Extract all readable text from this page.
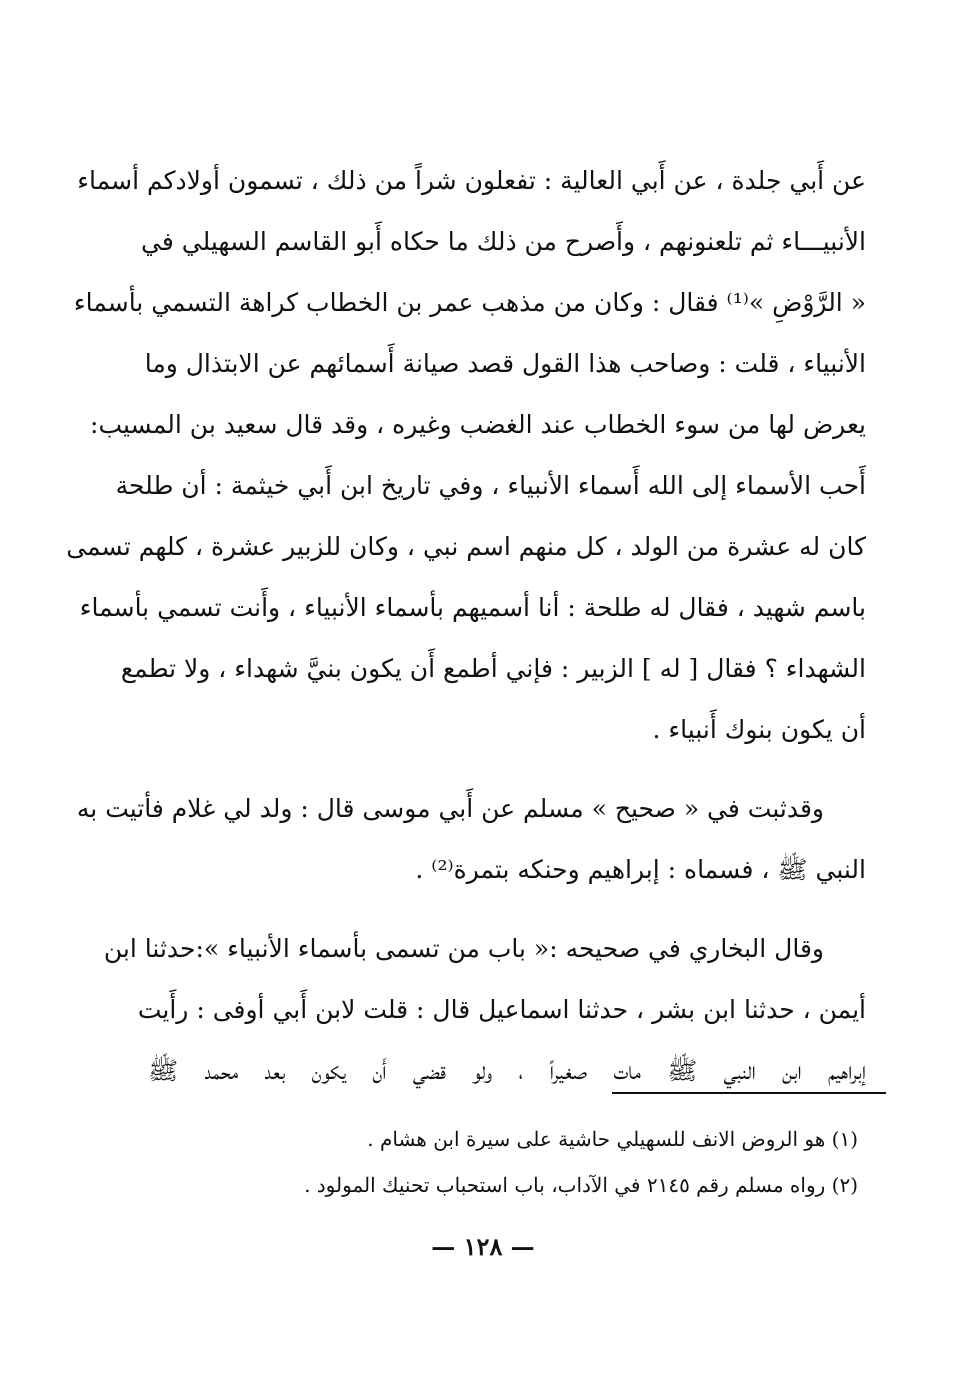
عن أَبي جلدة ، عن أَبي العالية : تفعلون شراً من ذلك ، تسمون أولادكم أسماء
الأنبيـــاء ثم تلعنونهم ، وأَصرح من ذلك ما حكاه أَبو القاسم السهيلي في
« الرَّوْضِ »⁽¹⁾ فقال : وكان من مذهب عمر بن الخطاب كراهة التسمي بأسماء
الأنبياء ، قلت : وصاحب هذا القول قصد صيانة أَسمائهم عن الابتذال وما
يعرض لها من سوء الخطاب عند الغضب وغيره ، وقد قال سعيد بن المسيب:
أَحب الأسماء إلى الله أَسماء الأنبياء ، وفي تاريخ ابن أَبي خيثمة : أن طلحة
كان له عشرة من الولد ، كل منهم اسم نبي ، وكان للزبير عشرة ، كلهم تسمى
باسم شهيد ، فقال له طلحة : أنا أسميهم بأسماء الأنبياء ، وأَنت تسمي بأسماء
الشهداء ؟ فقال [ له ] الزبير : فإني أطمع أَن يكون بنيَّ شهداء ، ولا تطمع
أن يكون بنوك أَنبياء .
وقدثبت في « صحيح » مسلم عن أَبي موسى قال : ولد لي غلام فأتيت به
النبي ﷺ ، فسماه : إبراهيم وحنكه بتمرة⁽²⁾ .
وقال البخاري في صحيحه :« باب من تسمى بأسماء الأنبياء »:حدثنا ابن
أيمن ، حدثنا ابن بشر ، حدثنا اسماعيل قال : قلت لابن أَبي أوفى : رأَيت
إبراهيم ابن النبي ﷺ مات صغيراً ، ولو قضي أَن يكون بعد محمد ﷺ
(١) هو الروض الانف للسهيلي حاشية على سيرة ابن هشام .
(٢) رواه مسلم رقم ٢١٤٥ في الآداب، باب استحباب تحنيك المولود .
— ١٢٨ —
